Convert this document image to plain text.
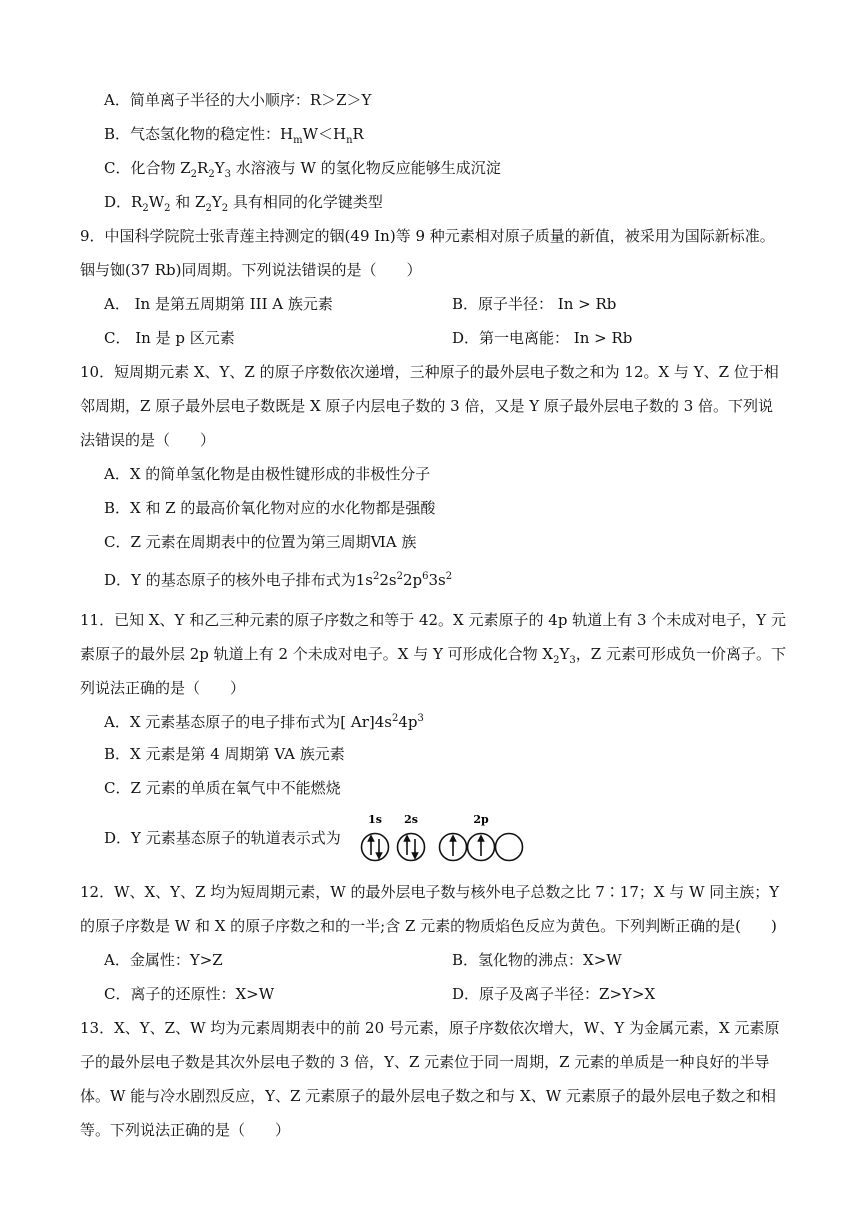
A．简单离子半径的大小顺序：R＞Z＞Y
B．气态氢化物的稳定性：$H_mW<H_nR$
C．化合物 $Z_2R_2Y_3$ 水溶液与 W 的氢化物反应能够生成沉淀
D．$R_2W_2$ 和 $Z_2Y_2$ 具有相同的化学键类型
9．中国科学院院士张青莲主持测定的铟(49 In)等 9 种元素相对原子质量的新值，被采用为国际新标准。
铟与铷(37 Rb)同周期。下列说法错误的是（　　）
A． In 是第五周期第 III A 族元素	B．原子半径： In > Rb
C． In 是 p 区元素	D．第一电离能： In > Rb
10．短周期元素 X、Y、Z 的原子序数依次递增，三种原子的最外层电子数之和为 12。X 与 Y、Z 位于相
邻周期，Z 原子最外层电子数既是 X 原子内层电子数的 3 倍，又是 Y 原子最外层电子数的 3 倍。下列说
法错误的是（　　）
A．X 的简单氢化物是由极性键形成的非极性分子
B．X 和 Z 的最高价氧化物对应的水化物都是强酸
C．Z 元素在周期表中的位置为第三周期ⅥA 族
D．Y 的基态原子的核外电子排布式为$1s^22s^22p^63s^2$
11．已知 X、Y 和乙三种元素的原子序数之和等于 42。X 元素原子的 4p 轨道上有 3 个未成对电子，Y 元
素原子的最外层 2p 轨道上有 2 个未成对电子。X 与 Y 可形成化合物 $X_2Y_3$，Z 元素可形成负一价离子。下
列说法正确的是（　　）
A．X 元素基态原子的电子排布式为[ $Ar]4s^24p^3$
B．X 元素是第 4 周期第 VA 族元素
C．Z 元素的单质在氧气中不能燃烧
D．Y 元素基态原子的轨道表示式为
1s 2s	2p
12．W、X、Y、Z 均为短周期元素，W 的最外层电子数与核外电子总数之比 7∶17；X 与 W 同主族；Y
的原子序数是 W 和 X 的原子序数之和的一半;含 Z 元素的物质焰色反应为黄色。下列判断正确的是(　　)
A．金属性：Y>Z	B．氢化物的沸点：X>W
C．离子的还原性：X>W	D．原子及离子半径：Z>Y>X
13．X、Y、Z、W 均为元素周期表中的前 20 号元素，原子序数依次增大，W、Y 为金属元素，X 元素原
子的最外层电子数是其次外层电子数的 3 倍，Y、Z 元素位于同一周期，Z 元素的单质是一种良好的半导
体。W 能与冷水剧烈反应，Y、Z 元素原子的最外层电子数之和与 X、W 元素原子的最外层电子数之和相
等。下列说法正确的是（　　）
